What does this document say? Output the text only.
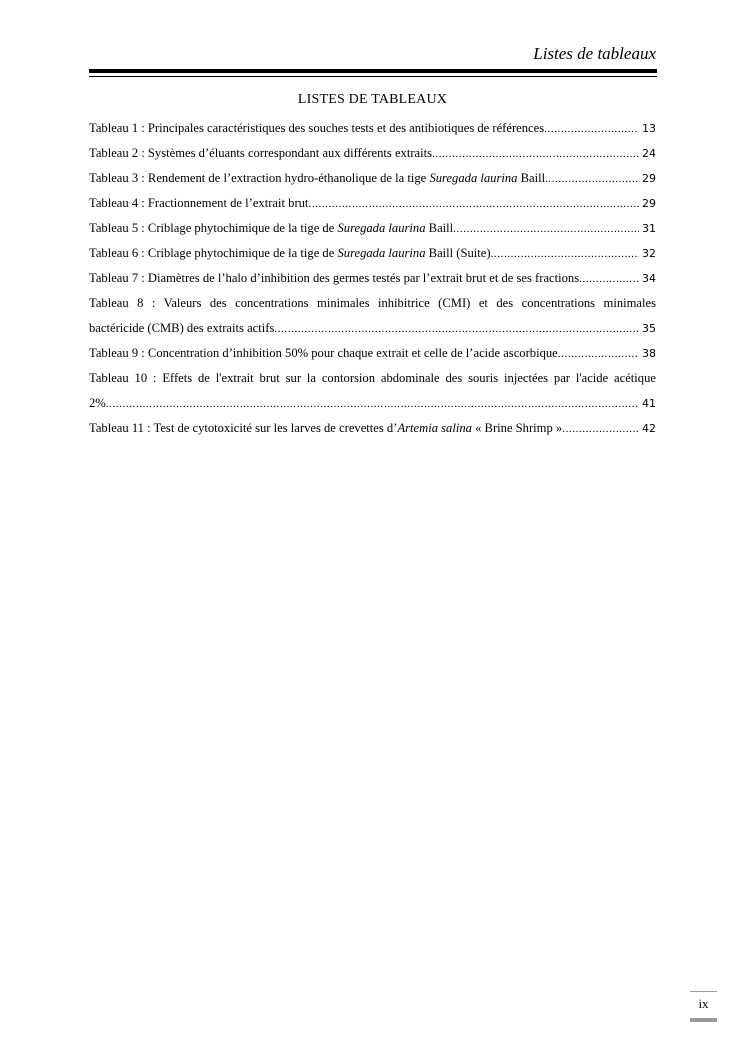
Listes de tableaux
LISTES DE TABLEAUX
Tableau 1 : Principales caractéristiques des souches tests et des antibiotiques de références .....	13
Tableau 2 : Systèmes d’éluants correspondant aux différents extraits .....	24
Tableau 3 : Rendement de l’extraction hydro-éthanolique de la tige Suregada laurina Baill. .....	29
Tableau 4 : Fractionnement de l’extrait brut .....	29
Tableau 5 : Criblage phytochimique de la tige de Suregada laurina Baill .....	31
Tableau 6 : Criblage phytochimique de la tige de Suregada laurina Baill (Suite) .....	32
Tableau 7 : Diamètres de l’halo d’inhibition des germes testés par l’extrait brut et de ses fractions .....	34
Tableau 8 : Valeurs des concentrations minimales inhibitrice (CMI) et des concentrations minimales
bactéricide (CMB) des extraits actifs .....	35
Tableau 9 : Concentration d’inhibition 50% pour chaque extrait et celle de l’acide ascorbique .....	38
Tableau 10 : Effets de l'extrait brut sur la contorsion abdominale des souris injectées par l'acide acétique
2% .....	41
Tableau 11 : Test de cytotoxicité sur les larves de crevettes d’Artemia salina « Brine Shrimp » .....	42
ix
